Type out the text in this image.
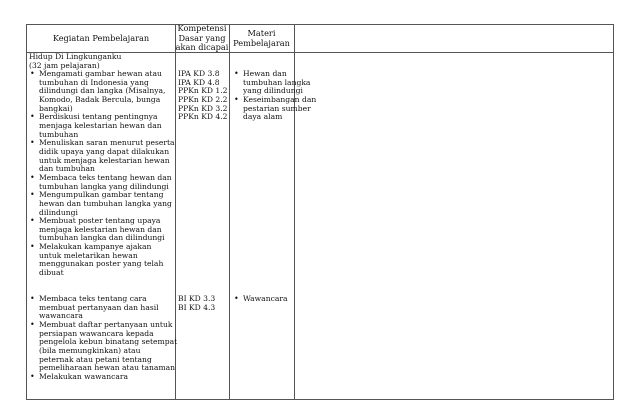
Kegiatan Pembelajaran
Kompetensi
Dasar yang
akan dicapai
Materi Pembelajaran
Hidup Di Lingkunganku
(32 jam pelajaran)
• Mengamati gambar hewan atau
tumbuhan di Indonesia yang
dilindungi dan langka (Misalnya,
Komodo, Badak Bercula, bunga
bangkai)
• Berdiskusi tentang pentingnya
menjaga kelestarian hewan dan
tumbuhan
• Menuliskan saran menurut peserta
didik upaya yang dapat dilakukan
untuk menjaga kelestarian hewan
dan tumbuhan
• Membaca teks tentang hewan dan
tumbuhan langka yang dilindungi
• Mengumpulkan gambar tentang
hewan dan tumbuhan langka yang
dilindungi
• Membuat poster tentang upaya
menjaga kelestarian hewan dan
tumbuhan langka dan dilindungi
• Melakukan kampanye ajakan
untuk meletarikan hewan
menggunakan poster yang telah
dibuat
IPA KD 3.8
IPA KD 4.8
PPKn KD 1.2
PPKn KD 2.2
PPKn KD 3.2
PPKn KD 4.2
• Hewan dan
tumbuhan langka
yang dilindungi
• Keseimbangan dan
pestarian sumber
daya alam
• Membaca teks tentang cara
membuat pertanyaan dan hasil
wawancara
• Membuat daftar pertanyaan untuk
persiapan wawancara kepada
pengelola kebun binatang setempat
(bila memungkinkan) atau
peternak atau petani tentang
pemeliharaan hewan atau tanaman
• Melakukan wawancara
BI KD 3.3
BI KD 4.3
• Wawancara
